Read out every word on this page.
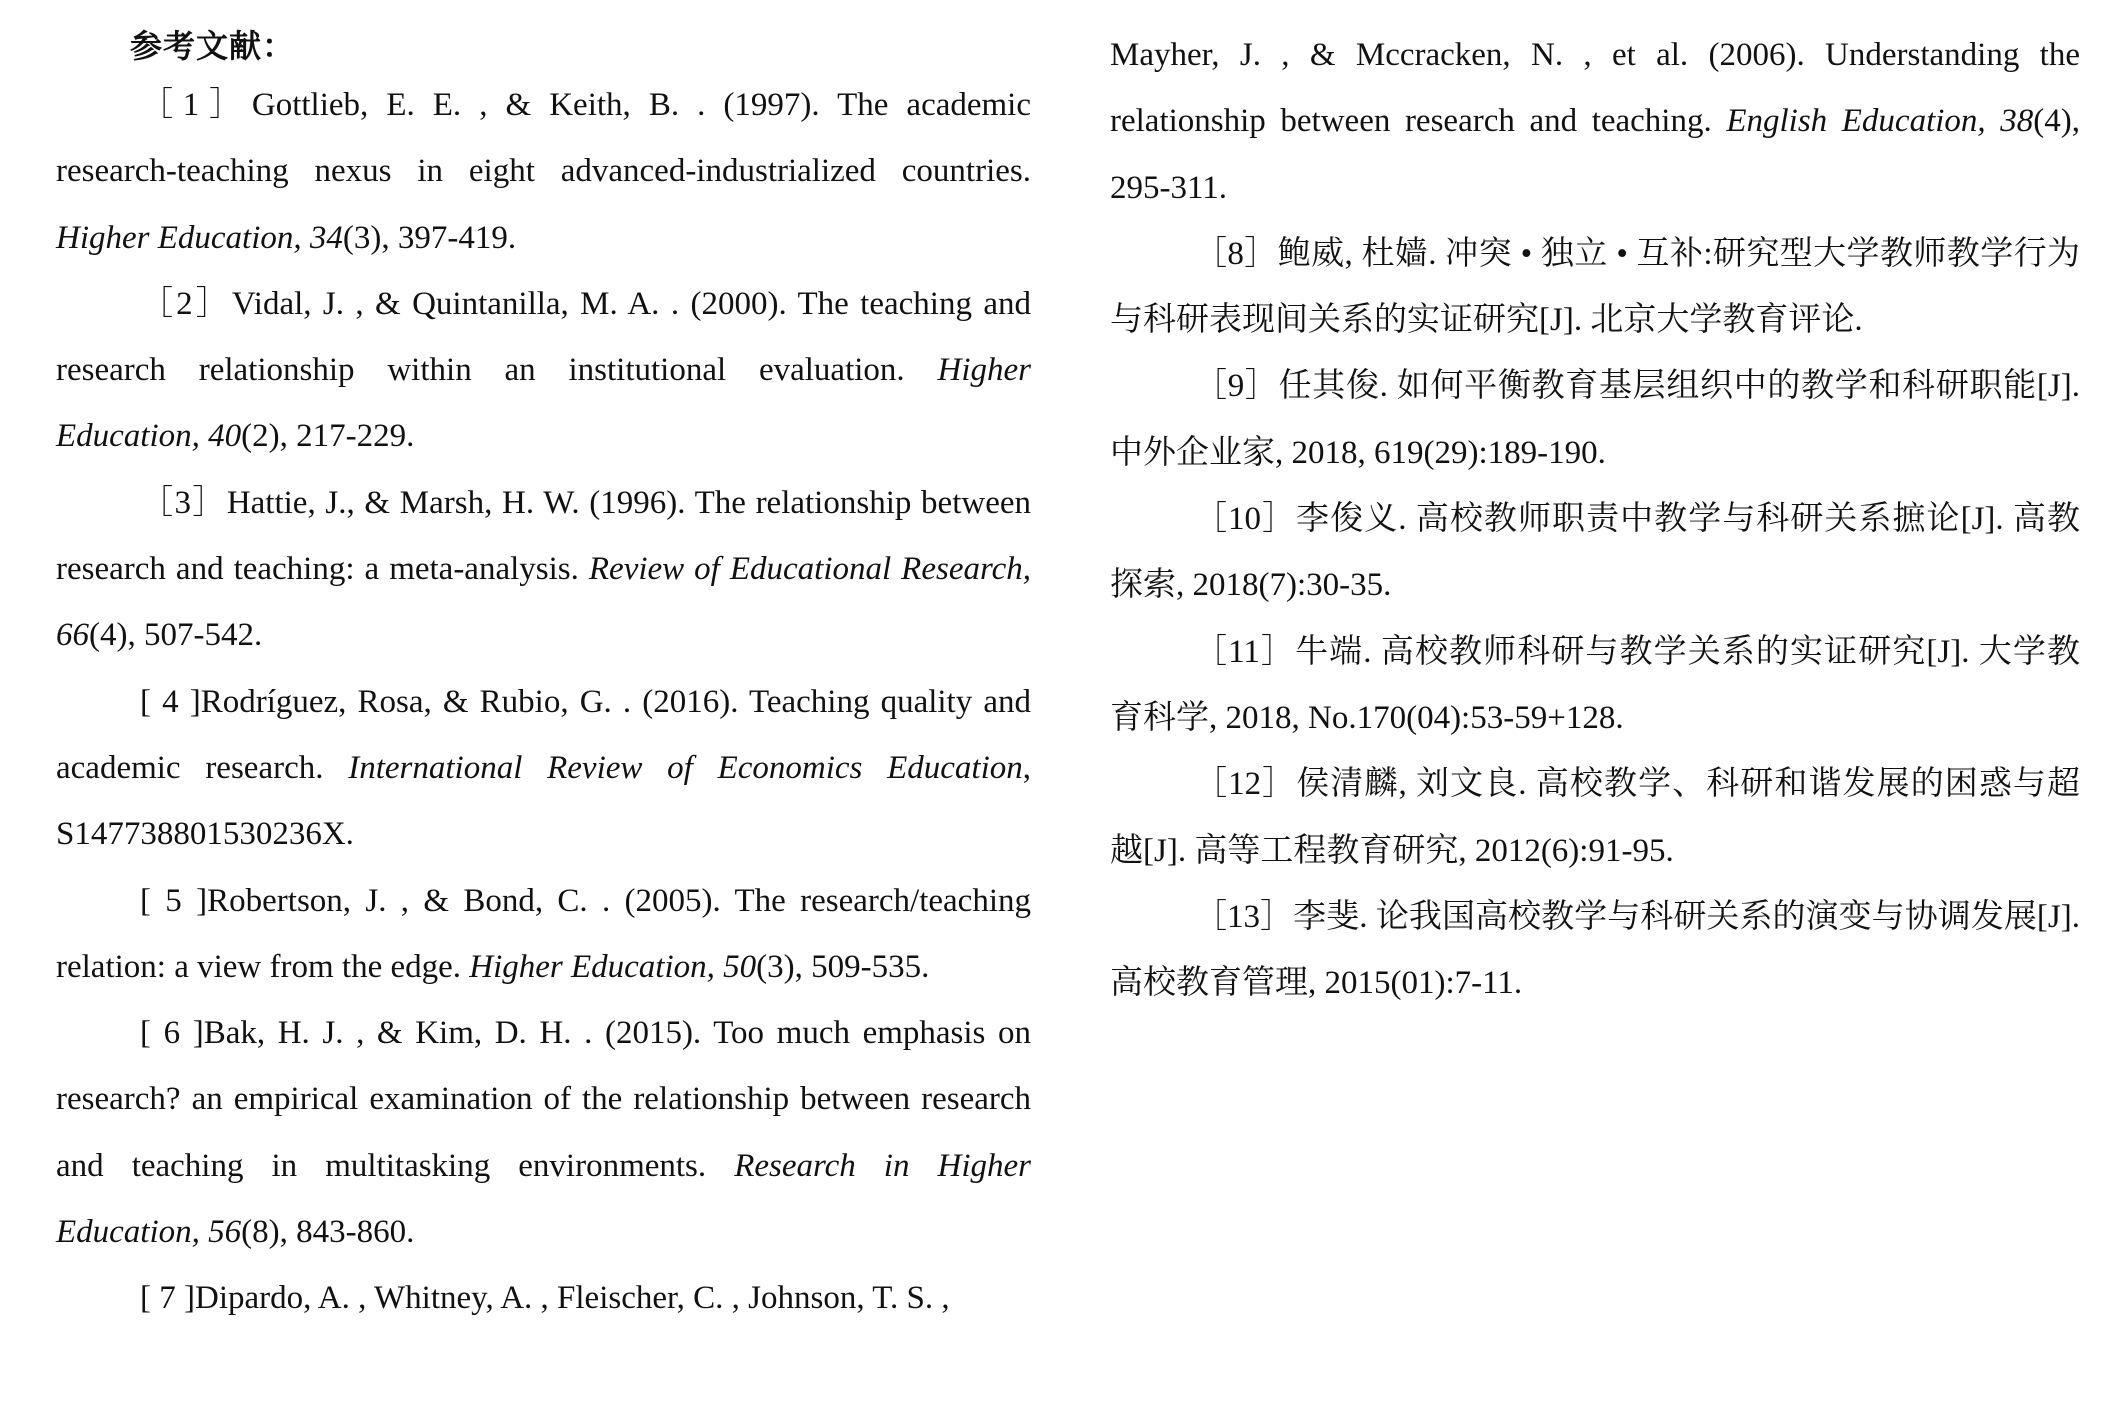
参考文献：

［1］Gottlieb, E. E. , & Keith, B. . (1997). The academic research-teaching nexus in eight advanced-industrialized countries. Higher Education, 34(3), 397-419.

［2］Vidal, J. , & Quintanilla, M. A. . (2000). The teaching and research relationship within an institutional evaluation. Higher Education, 40(2), 217-229.

［3］Hattie, J., & Marsh, H. W. (1996). The relationship between research and teaching: a meta-analysis. Review of Educational Research, 66(4), 507-542.

[ 4 ]Rodríguez, Rosa, & Rubio, G. . (2016). Teaching quality and academic research. International Review of Economics Education, S147738801530236X.

[ 5 ]Robertson, J. , & Bond, C. . (2005). The research/teaching relation: a view from the edge. Higher Education, 50(3), 509-535.

[ 6 ]Bak, H. J. , & Kim, D. H. . (2015). Too much emphasis on research? an empirical examination of the relationship between research and teaching in multitasking environments. Research in Higher Education, 56(8), 843-860.

[ 7 ]Dipardo, A. , Whitney, A. , Fleischer, C. , Johnson, T. S. ,

Mayher, J. , & Mccracken, N. , et al. (2006). Understanding the relationship between research and teaching. English Education, 38(4), 295-311.

［8］鲍威, 杜嫱. 冲突 • 独立 • 互补:研究型大学教师教学行为与科研表现间关系的实证研究[J]. 北京大学教育评论.

［9］任其俊. 如何平衡教育基层组织中的教学和科研职能[J]. 中外企业家, 2018, 619(29):189-190.

［10］李俊义. 高校教师职责中教学与科研关系摭论[J]. 高教探索, 2018(7):30-35.

［11］牛端. 高校教师科研与教学关系的实证研究[J]. 大学教育科学, 2018, No.170(04):53-59+128.

［12］侯清麟, 刘文良. 高校教学、科研和谐发展的困惑与超越[J]. 高等工程教育研究, 2012(6):91-95.

［13］李斐. 论我国高校教学与科研关系的演变与协调发展[J]. 高校教育管理, 2015(01):7-11.
